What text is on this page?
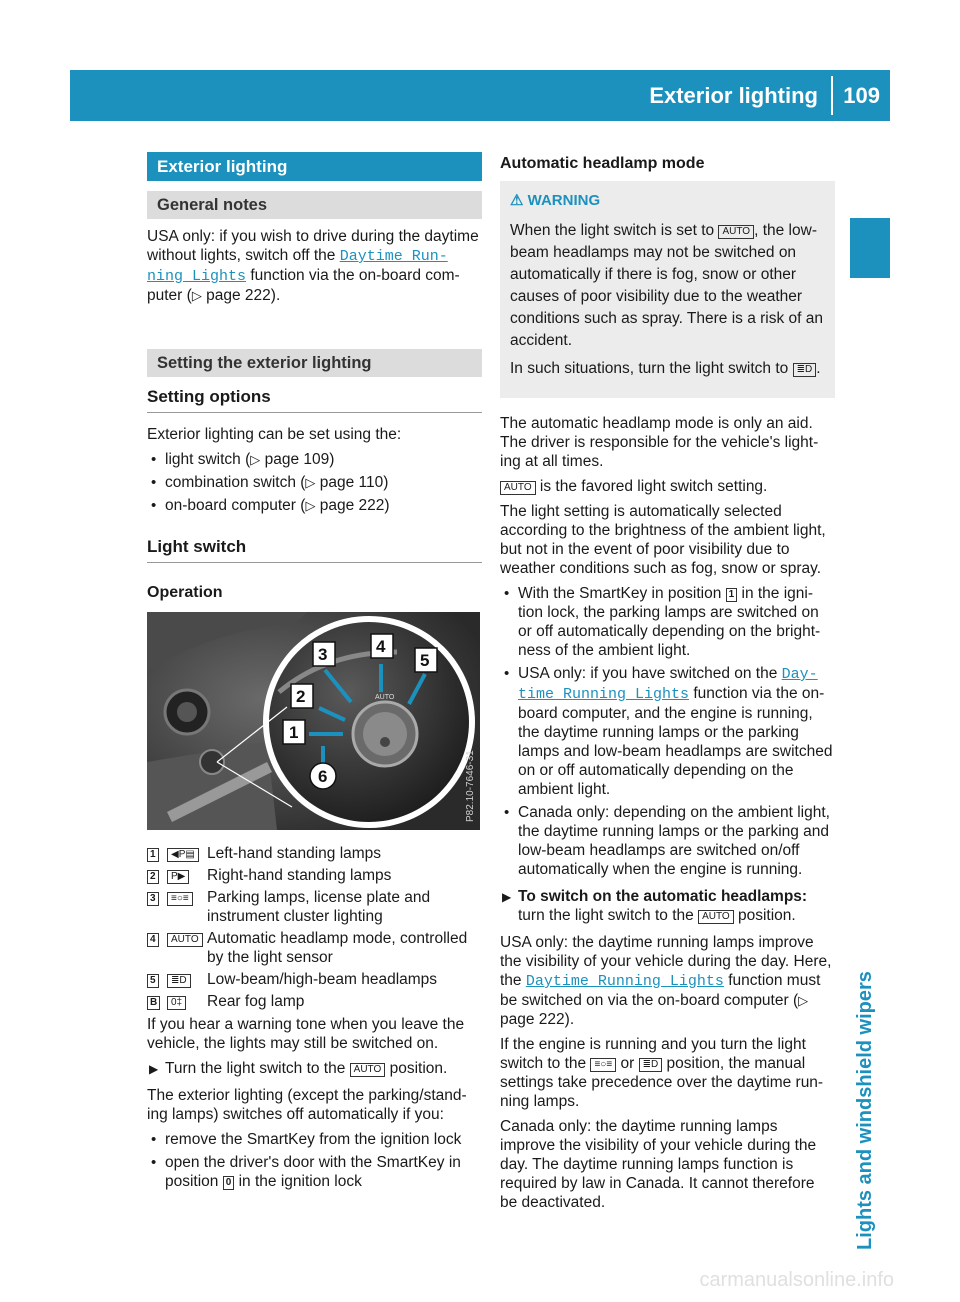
Exterior lighting 109
Lights and windshield wipers
Exterior lighting
General notes

USA only: if you wish to drive during the daytime without lights, switch off the Daytime Run‑ ning Lights function via the on-board com‑ puter (▷ page 222).

Setting the exterior lighting
Setting options

Exterior lighting can be set using the:

• light switch (▷ page 109)
• combination switch (▷ page 110)
• on-board computer (▷ page 222)
Light switch
Operation
AUTO
3	4
5
2
1
6	P82.10-7646-31
1	◀P▤ Left-hand standing lamps
2	P▶	Right-hand standing lamps
3	≡○≡	Parking lamps, license plate and instrument cluster lighting
4	AUTO Automatic headlamp mode, controlled by the light sensor
5	≣D	Low-beam/high-beam headlamps
B	0‡	Rear fog lamp

If you hear a warning tone when you leave the vehicle, the lights may still be switched on.

▶ Turn the light switch to the AUTO position.

The exterior lighting (except the parking/stand‑ ing lamps) switches off automatically if you:

• remove the SmartKey from the ignition lock
• open the driver's door with the SmartKey in position 0 in the ignition lock
Automatic headlamp mode
⚠ WARNING

When the light switch is set to AUTO , the low-beam headlamps may not be switched on automatically if there is fog, snow or other causes of poor visibility due to the weather conditions such as spray. There is a risk of an accident.

In such situations, turn the light switch to ≣D .

The automatic headlamp mode is only an aid. The driver is responsible for the vehicle's light‑ ing at all times.

AUTO is the favored light switch setting.

The light setting is automatically selected according to the brightness of the ambient light, but not in the event of poor visibility due to weather conditions such as fog, snow or spray.

• With the SmartKey in position 1 in the igni‑ tion lock, the parking lamps are switched on or off automatically depending on the bright‑ ness of the ambient light.
• USA only: if you have switched on the Day‑ time Running Lights function via the on-board computer, and the engine is running, the daytime running lamps or the parking lamps and low-beam headlamps are switched on or off automatically depending on the ambient light.
• Canada only: depending on the ambient light, the daytime running lamps or the parking and low-beam headlamps are switched on/off automatically when the engine is running.
▶ To switch on the automatic headlamps:
turn the light switch to the AUTO position.

USA only: the daytime running lamps improve the visibility of your vehicle during the day. Here, the Daytime Running Lights function must be switched on via the on-board computer (▷ page 222).

If the engine is running and you turn the light switch to the ≡○≡ or ≣D position, the manual settings take precedence over the daytime run‑ ning lamps.

Canada only: the daytime running lamps improve the visibility of your vehicle during the day. The daytime running lamps function is required by law in Canada. It cannot therefore be deactivated.

carmanualsonline.info
